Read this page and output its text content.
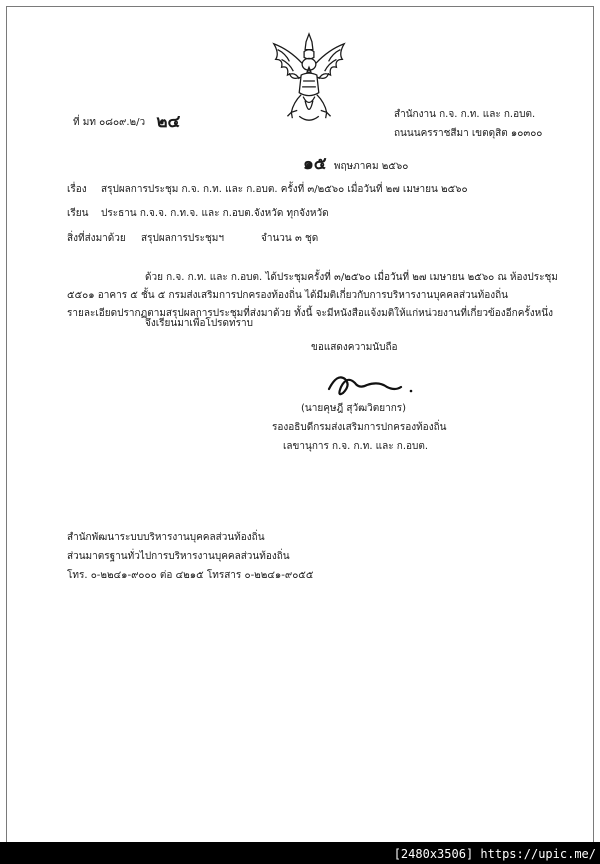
ที่ มท ๐๘๐๙.๒/ว ๒๔	สำนักงาน ก.จ. ก.ท. และ ก.อบต.
ถนนนครราชสีมา เขตดุสิต ๑๐๓๐๐
๑๕ พฤษภาคม ๒๕๖๐
เรื่อง สรุปผลการประชุม ก.จ. ก.ท. และ ก.อบต. ครั้งที่ ๓/๒๕๖๐ เมื่อวันที่ ๒๗ เมษายน ๒๕๖๐
เรียน ประธาน ก.จ.จ. ก.ท.จ. และ ก.อบต.จังหวัด ทุกจังหวัด
สิ่งที่ส่งมาด้วย สรุปผลการประชุมฯ	จำนวน ๓ ชุด
ด้วย ก.จ. ก.ท. และ ก.อบต. ได้ประชุมครั้งที่ ๓/๒๕๖๐ เมื่อวันที่ ๒๗ เมษายน ๒๕๖๐ ณ ห้องประชุม
๕๕๐๑ อาคาร ๕ ชั้น ๕ กรมส่งเสริมการปกครองท้องถิ่น ได้มีมติเกี่ยวกับการบริหารงานบุคคลส่วนท้องถิ่น
รายละเอียดปรากฏตามสรุปผลการประชุมที่ส่งมาด้วย ทั้งนี้ จะมีหนังสือแจ้งมติให้แก่หน่วยงานที่เกี่ยวข้องอีกครั้งหนึ่ง
จึงเรียนมาเพื่อโปรดทราบ
ขอแสดงความนับถือ
(นายคุษฎี สุวัฒวิตยากร)
รองอธิบดีกรมส่งเสริมการปกครองท้องถิ่น
เลขานุการ ก.จ. ก.ท. และ ก.อบต.
สำนักพัฒนาระบบบริหารงานบุคคลส่วนท้องถิ่น
ส่วนมาตรฐานทั่วไปการบริหารงานบุคคลส่วนท้องถิ่น
โทร. ๐-๒๒๔๑-๙๐๐๐ ต่อ ๔๒๑๕ โทรสาร ๐-๒๒๔๑-๙๐๕๕
[2480x3506] https://upic.me/
